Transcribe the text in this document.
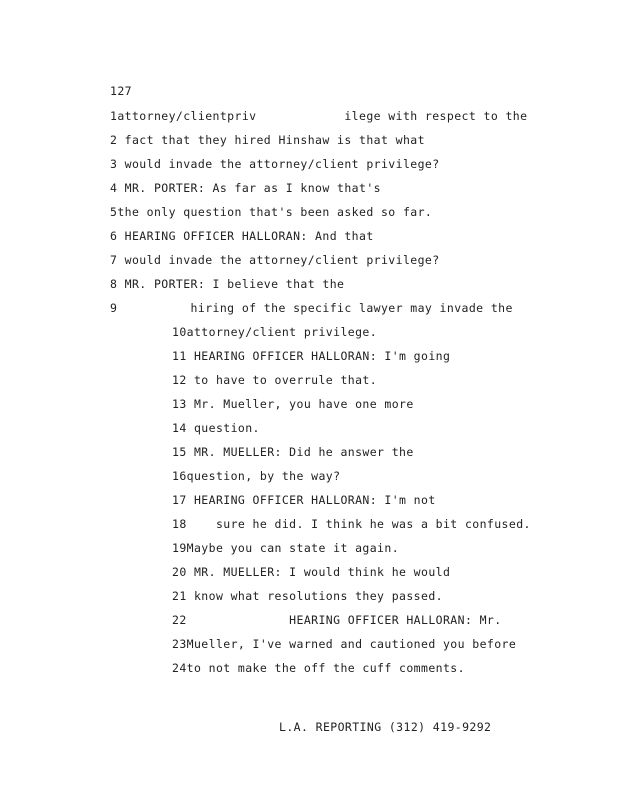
127
1attorney/clientpriv            ilege with respect to the
2 fact that they hired Hinshaw is that what
3 would invade the attorney/client privilege?
4 MR. PORTER: As far as I know that's
5the only question that's been asked so far.
6 HEARING OFFICER HALLORAN: And that
7 would invade the attorney/client privilege?
8 MR. PORTER: I believe that the
9          hiring of the specific lawyer may invade the
10attorney/client privilege.
11 HEARING OFFICER HALLORAN: I'm going
12 to have to overrule that.
13 Mr. Mueller, you have one more
14 question.
15 MR. MUELLER: Did he answer the
16question, by the way?
17 HEARING OFFICER HALLORAN: I'm not
18    sure he did. I think he was a bit confused.
19Maybe you can state it again.
20 MR. MUELLER: I would think he would
21 know what resolutions they passed.
22              HEARING OFFICER HALLORAN: Mr.
23Mueller, I've warned and cautioned you before
24to not make the off the cuff comments.
L.A. REPORTING (312) 419-9292
